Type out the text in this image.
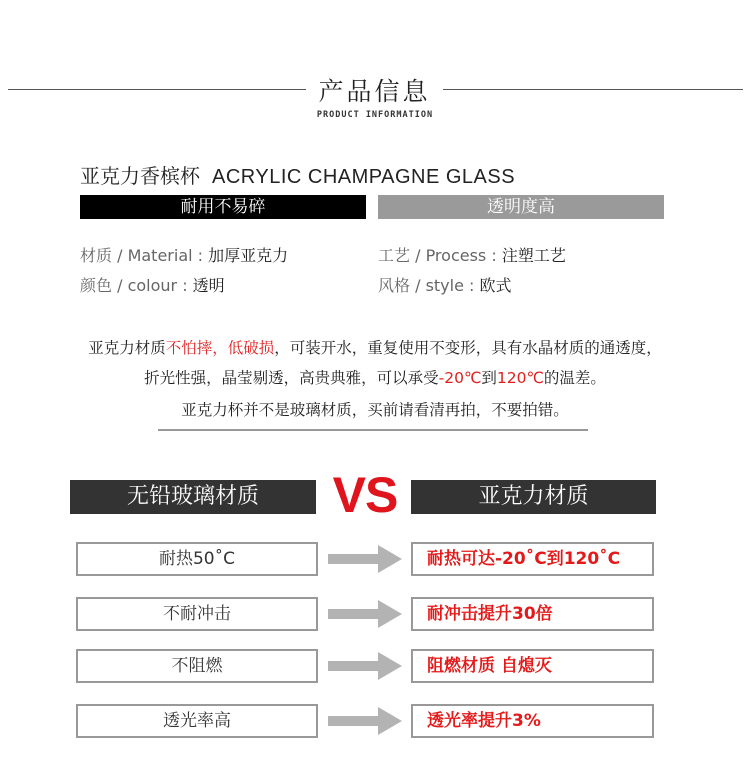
产品信息
PRODUCT INFORMATION
亚克力香槟杯 ACRYLIC CHAMPAGNE GLASS
耐用不易碎	透明度高
材质 / Material : 加厚亚克力	工艺 / Process : 注塑工艺
颜色 / colour : 透明	风格 / style : 欧式
亚克力材质不怕摔，低破损，可装开水，重复使用不变形，具有水晶材质的通透度，
折光性强，晶莹剔透，高贵典雅，可以承受-20℃到120℃的温差。
亚克力杯并不是玻璃材质，买前请看清再拍，不要拍错。
无铅玻璃材质	VS	亚克力材质
耐热50˚C	耐热可达-20˚C到120˚C
不耐冲击	耐冲击提升30倍
不阻燃	阻燃材质 自熄灭
透光率高	透光率提升3%
